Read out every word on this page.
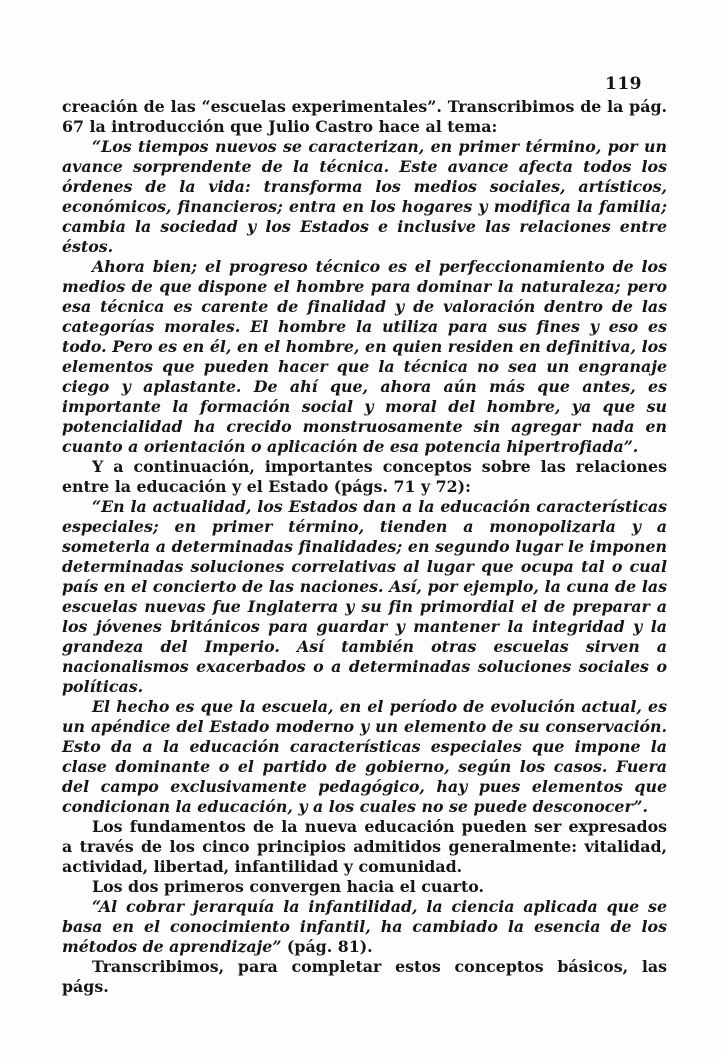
119

creación de las “escuelas experimentales”. Transcribimos de la pág. 67 la introducción que Julio Castro hace al tema:

“Los tiempos nuevos se caracterizan, en primer término, por un avance sorprendente de la técnica. Este avance afecta todos los órdenes de la vida: transforma los medios sociales, artísticos, económicos, financieros; entra en los hogares y modifica la familia; cambia la sociedad y los Estados e inclusive las relaciones entre éstos.

Ahora bien; el progreso técnico es el perfeccionamiento de los medios de que dispone el hombre para dominar la naturaleza; pero esa técnica es carente de finalidad y de valoración dentro de las categorías morales. El hombre la utiliza para sus fines y eso es todo. Pero es en él, en el hombre, en quien residen en definitiva, los elementos que pueden hacer que la técnica no sea un engranaje ciego y aplastante. De ahí que, ahora aún más que antes, es importante la formación social y moral del hombre, ya que su potencialidad ha crecido monstruosamente sin agregar nada en cuanto a orientación o aplicación de esa potencia hipertrofiada”.

Y a continuación, importantes conceptos sobre las relaciones entre la educación y el Estado (págs. 71 y 72):

“En la actualidad, los Estados dan a la educación características especiales; en primer término, tienden a monopolizarla y a someterla a determinadas finalidades; en segundo lugar le imponen determinadas soluciones correlativas al lugar que ocupa tal o cual país en el concierto de las naciones. Así, por ejemplo, la cuna de las escuelas nuevas fue Inglaterra y su fin primordial el de preparar a los jóvenes británicos para guardar y mantener la integridad y la grandeza del Imperio. Así también otras escuelas sirven a nacionalismos exacerbados o a determinadas soluciones sociales o políticas.

El hecho es que la escuela, en el período de evolución actual, es un apéndice del Estado moderno y un elemento de su conservación. Esto da a la educación características especiales que impone la clase dominante o el partido de gobierno, según los casos. Fuera del campo exclusivamente pedagógico, hay pues elementos que condicionan la educación, y a los cuales no se puede desconocer”.

Los fundamentos de la nueva educación pueden ser expresados a través de los cinco principios admitidos generalmente: vitalidad, actividad, libertad, infantilidad y comunidad.

Los dos primeros convergen hacia el cuarto.

“Al cobrar jerarquía la infantilidad, la ciencia aplicada que se basa en el conocimiento infantil, ha cambiado la esencia de los métodos de aprendizaje” (pág. 81).

Transcribimos, para completar estos conceptos básicos, las págs.
